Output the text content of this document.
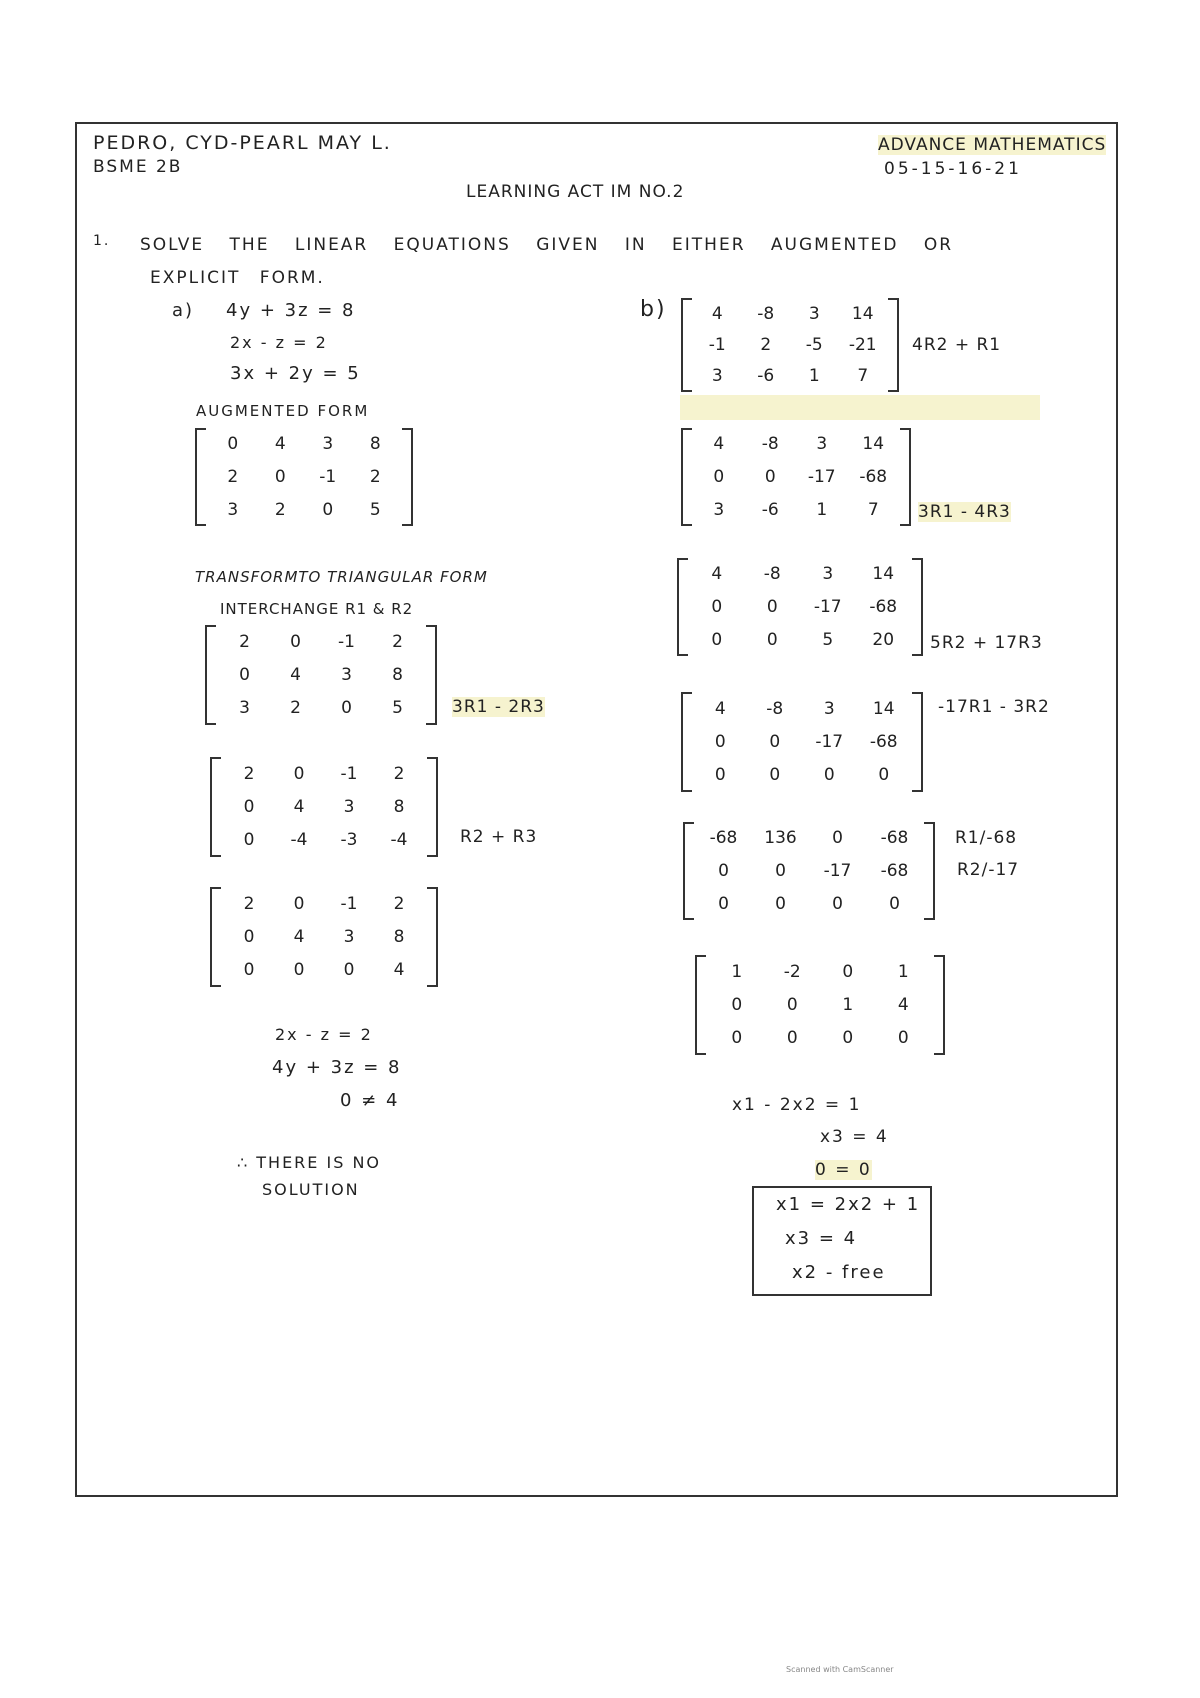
PEDRO, CYD-PEARL MAY L.
BSME 2B
ADVANCE MATHEMATICS
05-15-16-21
LEARNING ACT IM NO.2
1. SOLVE THE LINEAR EQUATIONS GIVEN IN EITHER AUGMENTED OR
EXPLICIT FORM.
a) 4y + 3z = 8
2x - z = 2
3x + 2y = 5
AUGMENTED FORM
0 4 3 8
2 0 -1 2
3 2 0 5
TRANSFORMTO TRIANGULAR FORM
INTERCHANGE R1 & R2
2 0 -1 2
0 4 3 8
3 2 0 5	3R1 - 2R3
2 0 -1 2
0 4 3 8
0 -4 -3 -4	R2 + R3
2 0 -1 2
0 4 3 8
0 0 0 4
2x - z = 2
4y + 3z = 8
0 ≠ 4
∴ THERE IS NO
SOLUTION
b)	4 -8 3 14
-1 2 -5 -21
3 -6 1 7
4R2 + R1
4 -8 3 14
0 0 -17 -68
3 -6 1 7 3R1 - 4R3
4 -8 3 14
0	0 -17 -68
0	0	5 20 5R2 + 17R3
4 -8 3 14
0	0 -17 -68
0	0	0	0
-17R1 - 3R2
-68 136 0 -68
0	0 -17 -68
0	0	0	0
R1/-68
R2/-17
1 -2 0	1
0	0	1	4
0	0	0	0
x1 - 2x2 = 1
x3 = 4
0 = 0
x1 = 2x2 + 1
x3 = 4
x2 - free
Scanned with CamScanner
